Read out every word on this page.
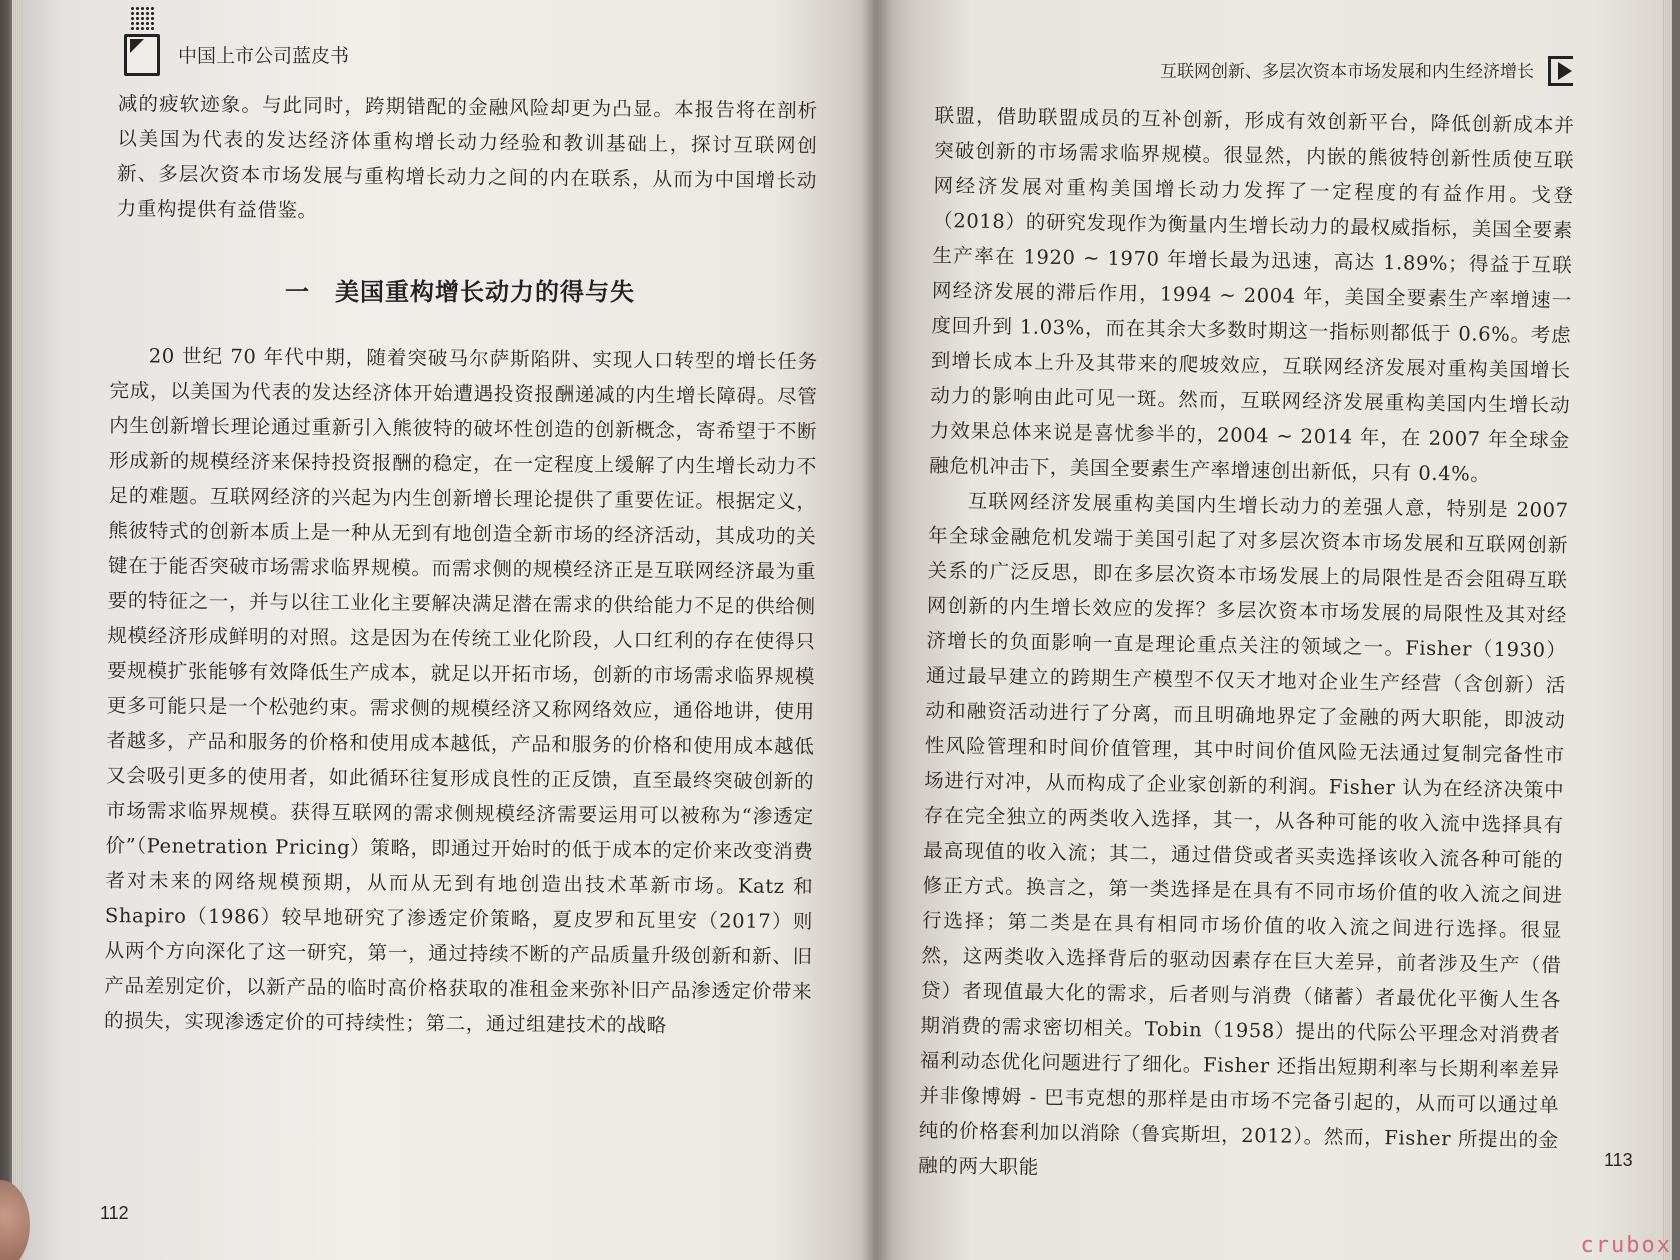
中国上市公司蓝皮书
互联网创新、多层次资本市场发展和内生经济增长

减的疲软迹象。与此同时，跨期错配的金融风险却更为凸显。本报告将在剖析以美国为代表的发达经济体重构增长动力经验和教训基础上，探讨互联网创新、多层次资本市场发展与重构增长动力之间的内在联系，从而为中国增长动力重构提供有益借鉴。

一　美国重构增长动力的得与失

20 世纪 70 年代中期，随着突破马尔萨斯陷阱、实现人口转型的增长任务完成，以美国为代表的发达经济体开始遭遇投资报酬递减的内生增长障碍。尽管内生创新增长理论通过重新引入熊彼特的破坏性创造的创新概念，寄希望于不断形成新的规模经济来保持投资报酬的稳定，在一定程度上缓解了内生增长动力不足的难题。互联网经济的兴起为内生创新增长理论提供了重要佐证。根据定义，熊彼特式的创新本质上是一种从无到有地创造全新市场的经济活动，其成功的关键在于能否突破市场需求临界规模。而需求侧的规模经济正是互联网经济最为重要的特征之一，并与以往工业化主要解决满足潜在需求的供给能力不足的供给侧规模经济形成鲜明的对照。这是因为在传统工业化阶段，人口红利的存在使得只要规模扩张能够有效降低生产成本，就足以开拓市场，创新的市场需求临界规模更多可能只是一个松弛约束。需求侧的规模经济又称网络效应，通俗地讲，使用者越多，产品和服务的价格和使用成本越低，产品和服务的价格和使用成本越低又会吸引更多的使用者，如此循环往复形成良性的正反馈，直至最终突破创新的市场需求临界规模。获得互联网的需求侧规模经济需要运用可以被称为“渗透定价”（Penetration Pricing）策略，即通过开始时的低于成本的定价来改变消费者对未来的网络规模预期，从而从无到有地创造出技术革新市场。Katz 和 Shapiro（1986）较早地研究了渗透定价策略，夏皮罗和瓦里安（2017）则从两个方向深化了这一研究，第一，通过持续不断的产品质量升级创新和新、旧产品差别定价，以新产品的临时高价格获取的准租金来弥补旧产品渗透定价带来的损失，实现渗透定价的可持续性；第二，通过组建技术的战略

联盟，借助联盟成员的互补创新，形成有效创新平台，降低创新成本并突破创新的市场需求临界规模。很显然，内嵌的熊彼特创新性质使互联网经济发展对重构美国增长动力发挥了一定程度的有益作用。戈登（2018）的研究发现作为衡量内生增长动力的最权威指标，美国全要素生产率在 1920 ~ 1970 年增长最为迅速，高达 1.89%；得益于互联网经济发展的滞后作用，1994 ~ 2004 年，美国全要素生产率增速一度回升到 1.03%，而在其余大多数时期这一指标则都低于 0.6%。考虑到增长成本上升及其带来的爬坡效应，互联网经济发展对重构美国增长动力的影响由此可见一斑。然而，互联网经济发展重构美国内生增长动力效果总体来说是喜忧参半的，2004 ~ 2014 年，在 2007 年全球金融危机冲击下，美国全要素生产率增速创出新低，只有 0.4%。

互联网经济发展重构美国内生增长动力的差强人意，特别是 2007 年全球金融危机发端于美国引起了对多层次资本市场发展和互联网创新关系的广泛反思，即在多层次资本市场发展上的局限性是否会阻碍互联网创新的内生增长效应的发挥？多层次资本市场发展的局限性及其对经济增长的负面影响一直是理论重点关注的领域之一。Fisher（1930）通过最早建立的跨期生产模型不仅天才地对企业生产经营（含创新）活动和融资活动进行了分离，而且明确地界定了金融的两大职能，即波动性风险管理和时间价值管理，其中时间价值风险无法通过复制完备性市场进行对冲，从而构成了企业家创新的利润。Fisher 认为在经济决策中存在完全独立的两类收入选择，其一，从各种可能的收入流中选择具有最高现值的收入流；其二，通过借贷或者买卖选择该收入流各种可能的修正方式。换言之，第一类选择是在具有不同市场价值的收入流之间进行选择；第二类是在具有相同市场价值的收入流之间进行选择。很显然，这两类收入选择背后的驱动因素存在巨大差异，前者涉及生产（借贷）者现值最大化的需求，后者则与消费（储蓄）者最优化平衡人生各期消费的需求密切相关。Tobin（1958）提出的代际公平理念对消费者福利动态优化问题进行了细化。Fisher 还指出短期利率与长期利率差异并非像博姆 - 巴韦克想的那样是由市场不完备引起的，从而可以通过单纯的价格套利加以消除（鲁宾斯坦，2012）。然而，Fisher 所提出的金融的两大职能

112
113
crubox
